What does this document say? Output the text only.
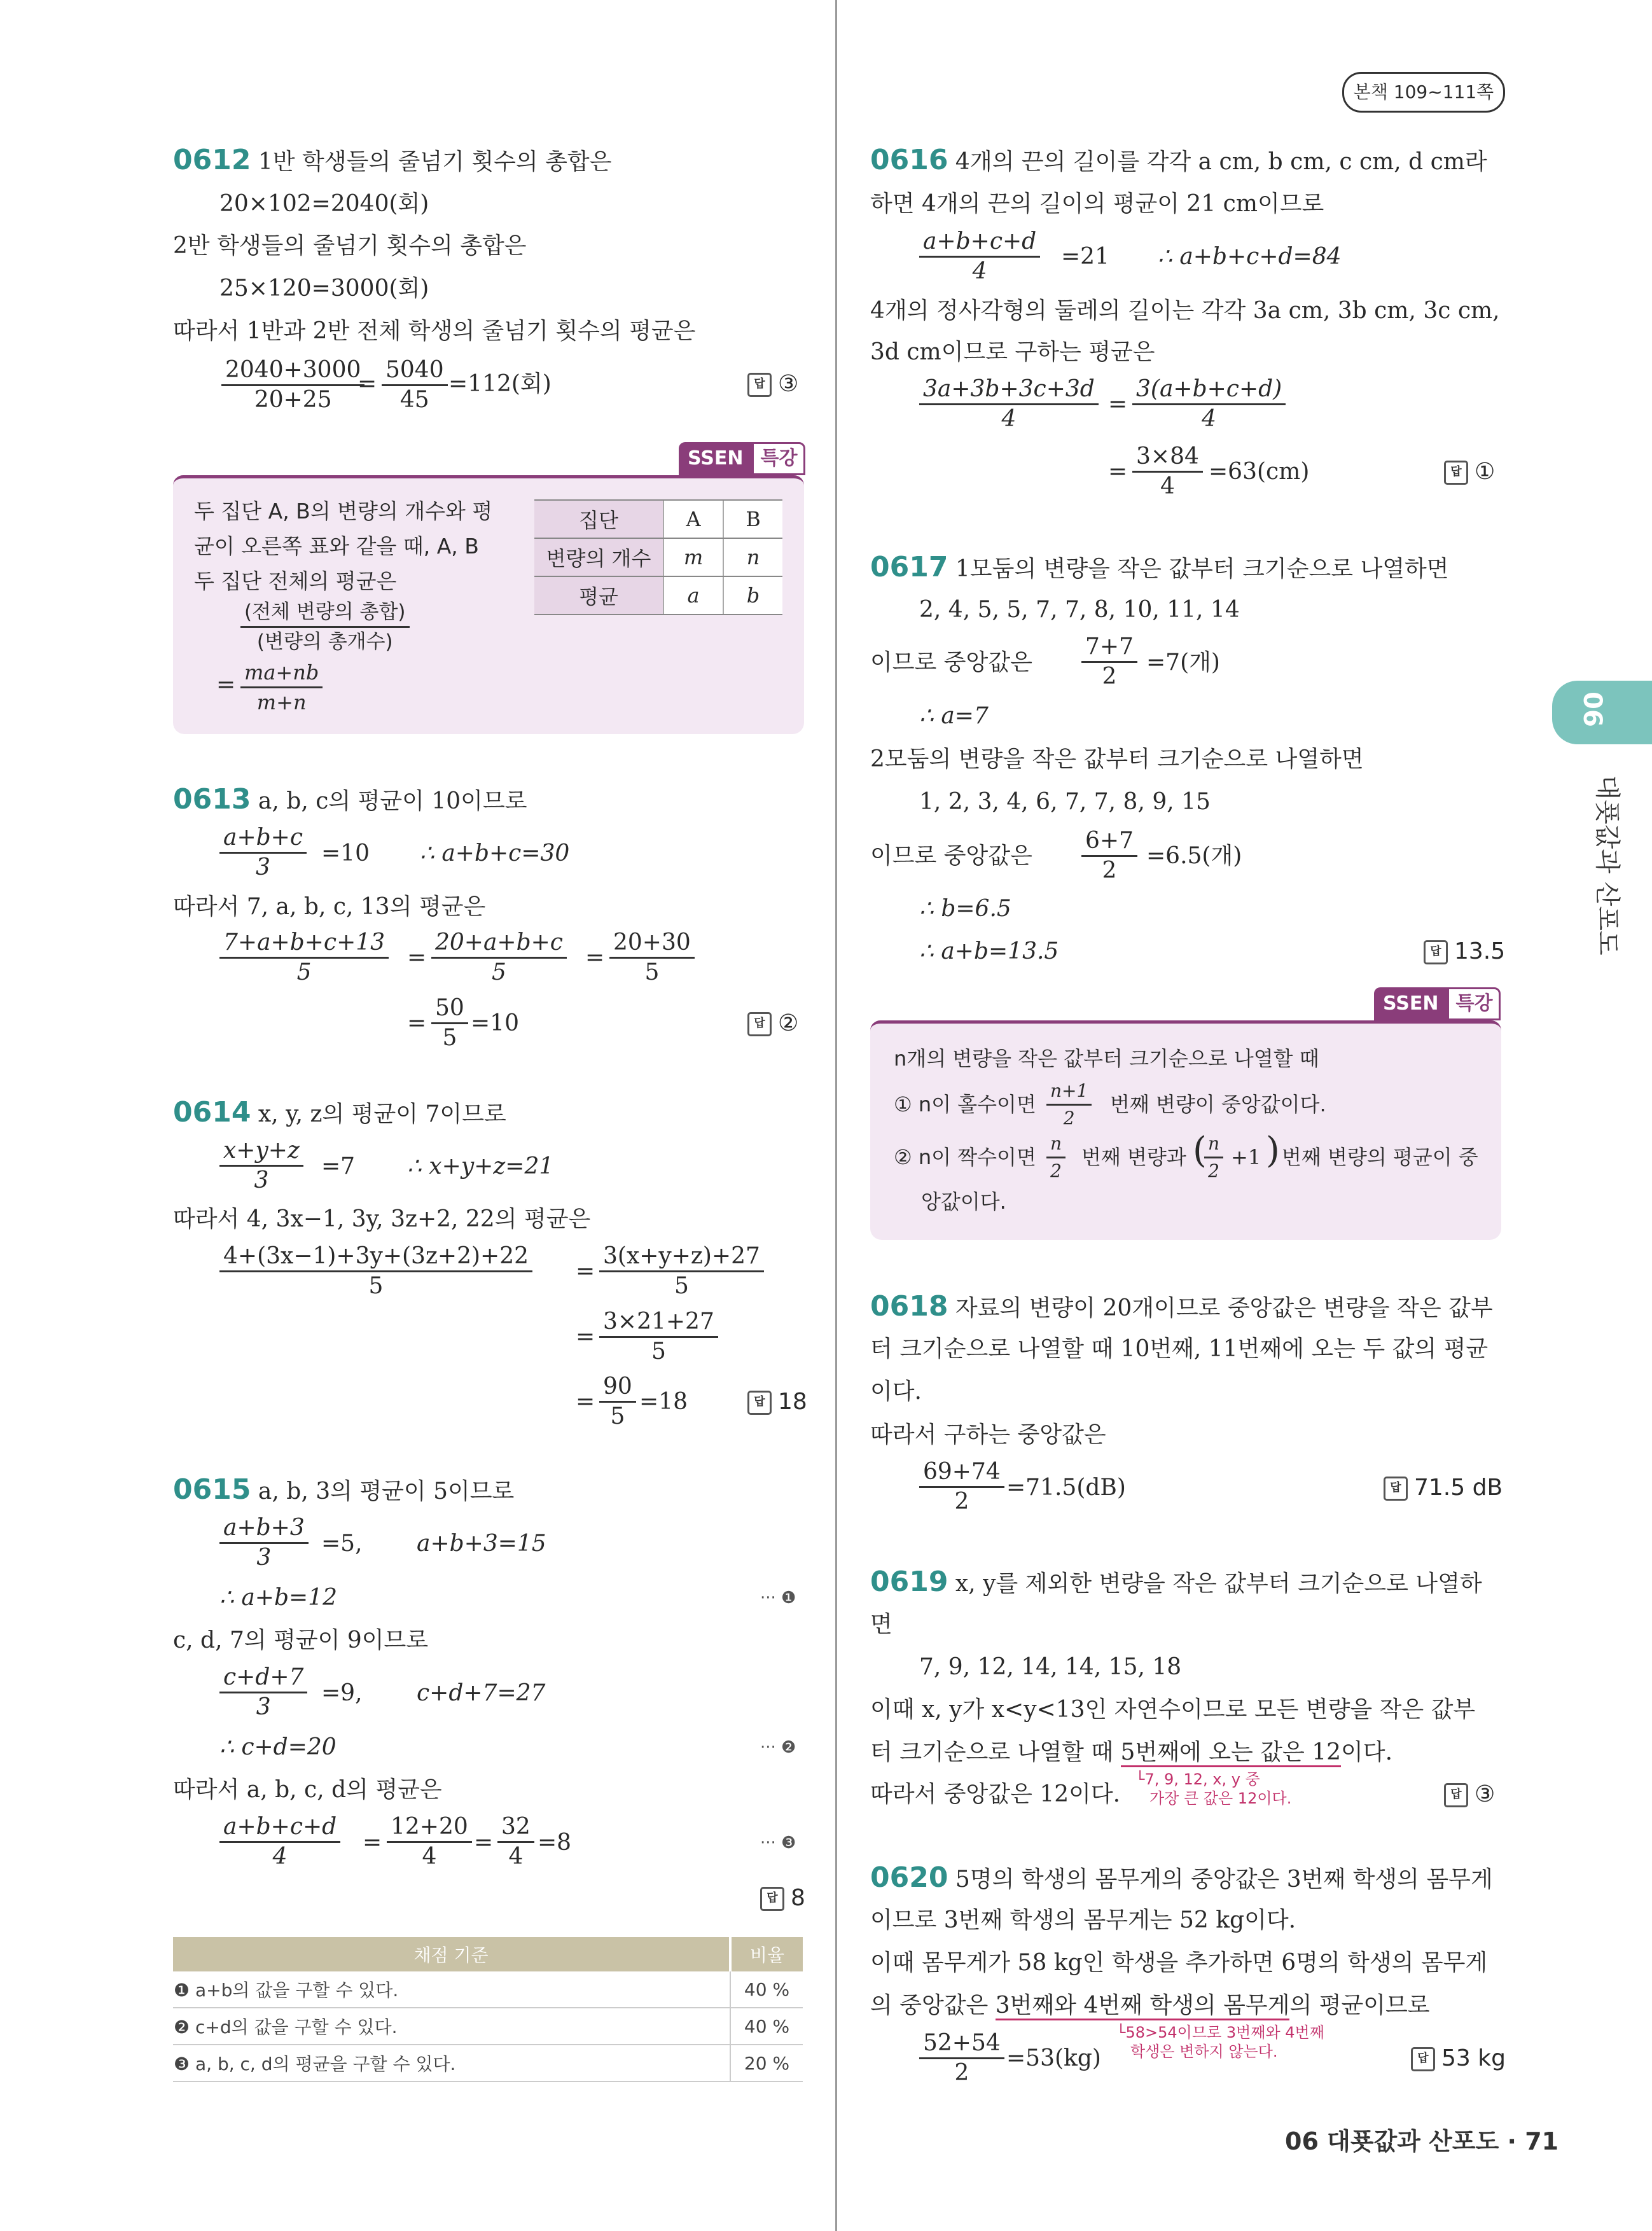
본책 109~111쪽
06
대푯값과 산포도
0612 1반 학생들의 줄넘기 횟수의 총합은
20×102=2040(회)
2반 학생들의 줄넘기 횟수의 총합은
25×120=3000(회)
따라서 1반과 2반 전체 학생의 줄넘기 횟수의 평균은
$\frac{2040+3000}{20+25}$
= $\frac{5040}{45} =112$(회)	답 ③
SSEN 특강
두 집단 A, B의 변량의 개수와 평
균이 오른쪽 표와 같을 때, A, B
두 집단 전체의 평균은
(전체 변량의 총합)
(변량의 총개수)
= $\frac{ma+nb}{m+n}$
집단	A	B
변량의 개수	m	n
평균	a	b
0613 a, b, c의 평균이 10이므로
$\frac{a+b+c}{3} =10$ ∴ a+b+c=30
따라서 7, a, b, c, 13의 평균은
$\frac{7+a+b+c+13}{5} = \frac{20+a+b+c}{5} = \frac{20+30}{5}$
= $\frac{50}{5} =10$	답 ②
0614 x, y, z의 평균이 7이므로
$\frac{x+y+z}{3} =7$ ∴ x+y+z=21
따라서 4, 3x−1, 3y, 3z+2, 22의 평균은
$\frac{4+(3x-1)+3y+(3z+2)+22}{5} = \frac{3(x+y+z)+27}{5}$
= $\frac{3\times 21+27}{5}$
= $\frac{90}{5} =18$	답 18
0615 a, b, 3의 평균이 5이므로
$\frac{a+b+3}{3} =5$, a+b+3=15
∴ a+b=12	··· ❶
c, d, 7의 평균이 9이므로
$\frac{c+d+7}{3} =9$, c+d+7=27
∴ c+d=20	··· ❷
따라서 a, b, c, d의 평균은
$\frac{a+b+c+d}{4} = \frac{12+20}{4} = \frac{32}{4} =8$	··· ❸
답 8
채점 기준	비율
❶ a+b의 값을 구할 수 있다.	40 %
❷ c+d의 값을 구할 수 있다.	40 %
❸ a, b, c, d의 평균을 구할 수 있다.	20 %
0616 4개의 끈의 길이를 각각 a cm, b cm, c cm, d cm라
하면 4개의 끈의 길이의 평균이 21 cm이므로
$\frac{a+b+c+d}{4} =21$ ∴ a+b+c+d=84
4개의 정사각형의 둘레의 길이는 각각 3a cm, 3b cm, 3c cm,
3d cm이므로 구하는 평균은
$\frac{3a+3b+3c+3d}{4} = \frac{3(a+b+c+d)}{4}$
= $\frac{3\times 84}{4} =63(cm)$	답 ①
0617 1모둠의 변량을 작은 값부터 크기순으로 나열하면
2, 4, 5, 5, 7, 7, 8, 10, 11, 14
이므로 중앙값은 $\frac{7+7}{2} =7$(개)
∴ a=7
2모둠의 변량을 작은 값부터 크기순으로 나열하면
1, 2, 3, 4, 6, 7, 7, 8, 9, 15
이므로 중앙값은 $\frac{6+7}{2} =6.5$(개)
∴ b=6.5
∴ a+b=13.5	답 13.5
SSEN 특강
n개의 변량을 작은 값부터 크기순으로 나열할 때
① n이 홀수이면 $\frac{n+1}{2}$ 번째 변량이 중앙값이다.
② n이 짝수이면 $\frac{n}{2}$ 번째 변량과 (
$\frac{n}{2} +1$ ) 번째 변량의 평균이 중
앙값이다.
0618 자료의 변량이 20개이므로 중앙값은 변량을 작은 값부
터 크기순으로 나열할 때 10번째, 11번째에 오는 두 값의 평균
이다.
따라서 구하는 중앙값은
$\frac{69+74}{2} =71.5(dB)$	답 71.5 dB
0619 x, y를 제외한 변량을 작은 값부터 크기순으로 나열하
면
7, 9, 12, 14, 14, 15, 18
이때 x, y가 x<y<13인 자연수이므로 모든 변량을 작은 값부
터 크기순으로 나열할 때 5번째에 오는 값은 12이다.
└7, 9, 12, x, y 중
가장 큰 값은 12이다.
따라서 중앙값은 12이다.	답 ③
0620 5명의 학생의 몸무게의 중앙값은 3번째 학생의 몸무게
이므로 3번째 학생의 몸무게는 52 kg이다.
이때 몸무게가 58 kg인 학생을 추가하면 6명의 학생의 몸무게
의 중앙값은 3번째와 4번째 학생의 몸무게의 평균이므로
└58>54이므로 3번째와 4번째
학생은 변하지 않는다.
$\frac{52+54}{2} =53(kg)$	답 53 kg
06 대푯값과 산포도 ∙ 71
